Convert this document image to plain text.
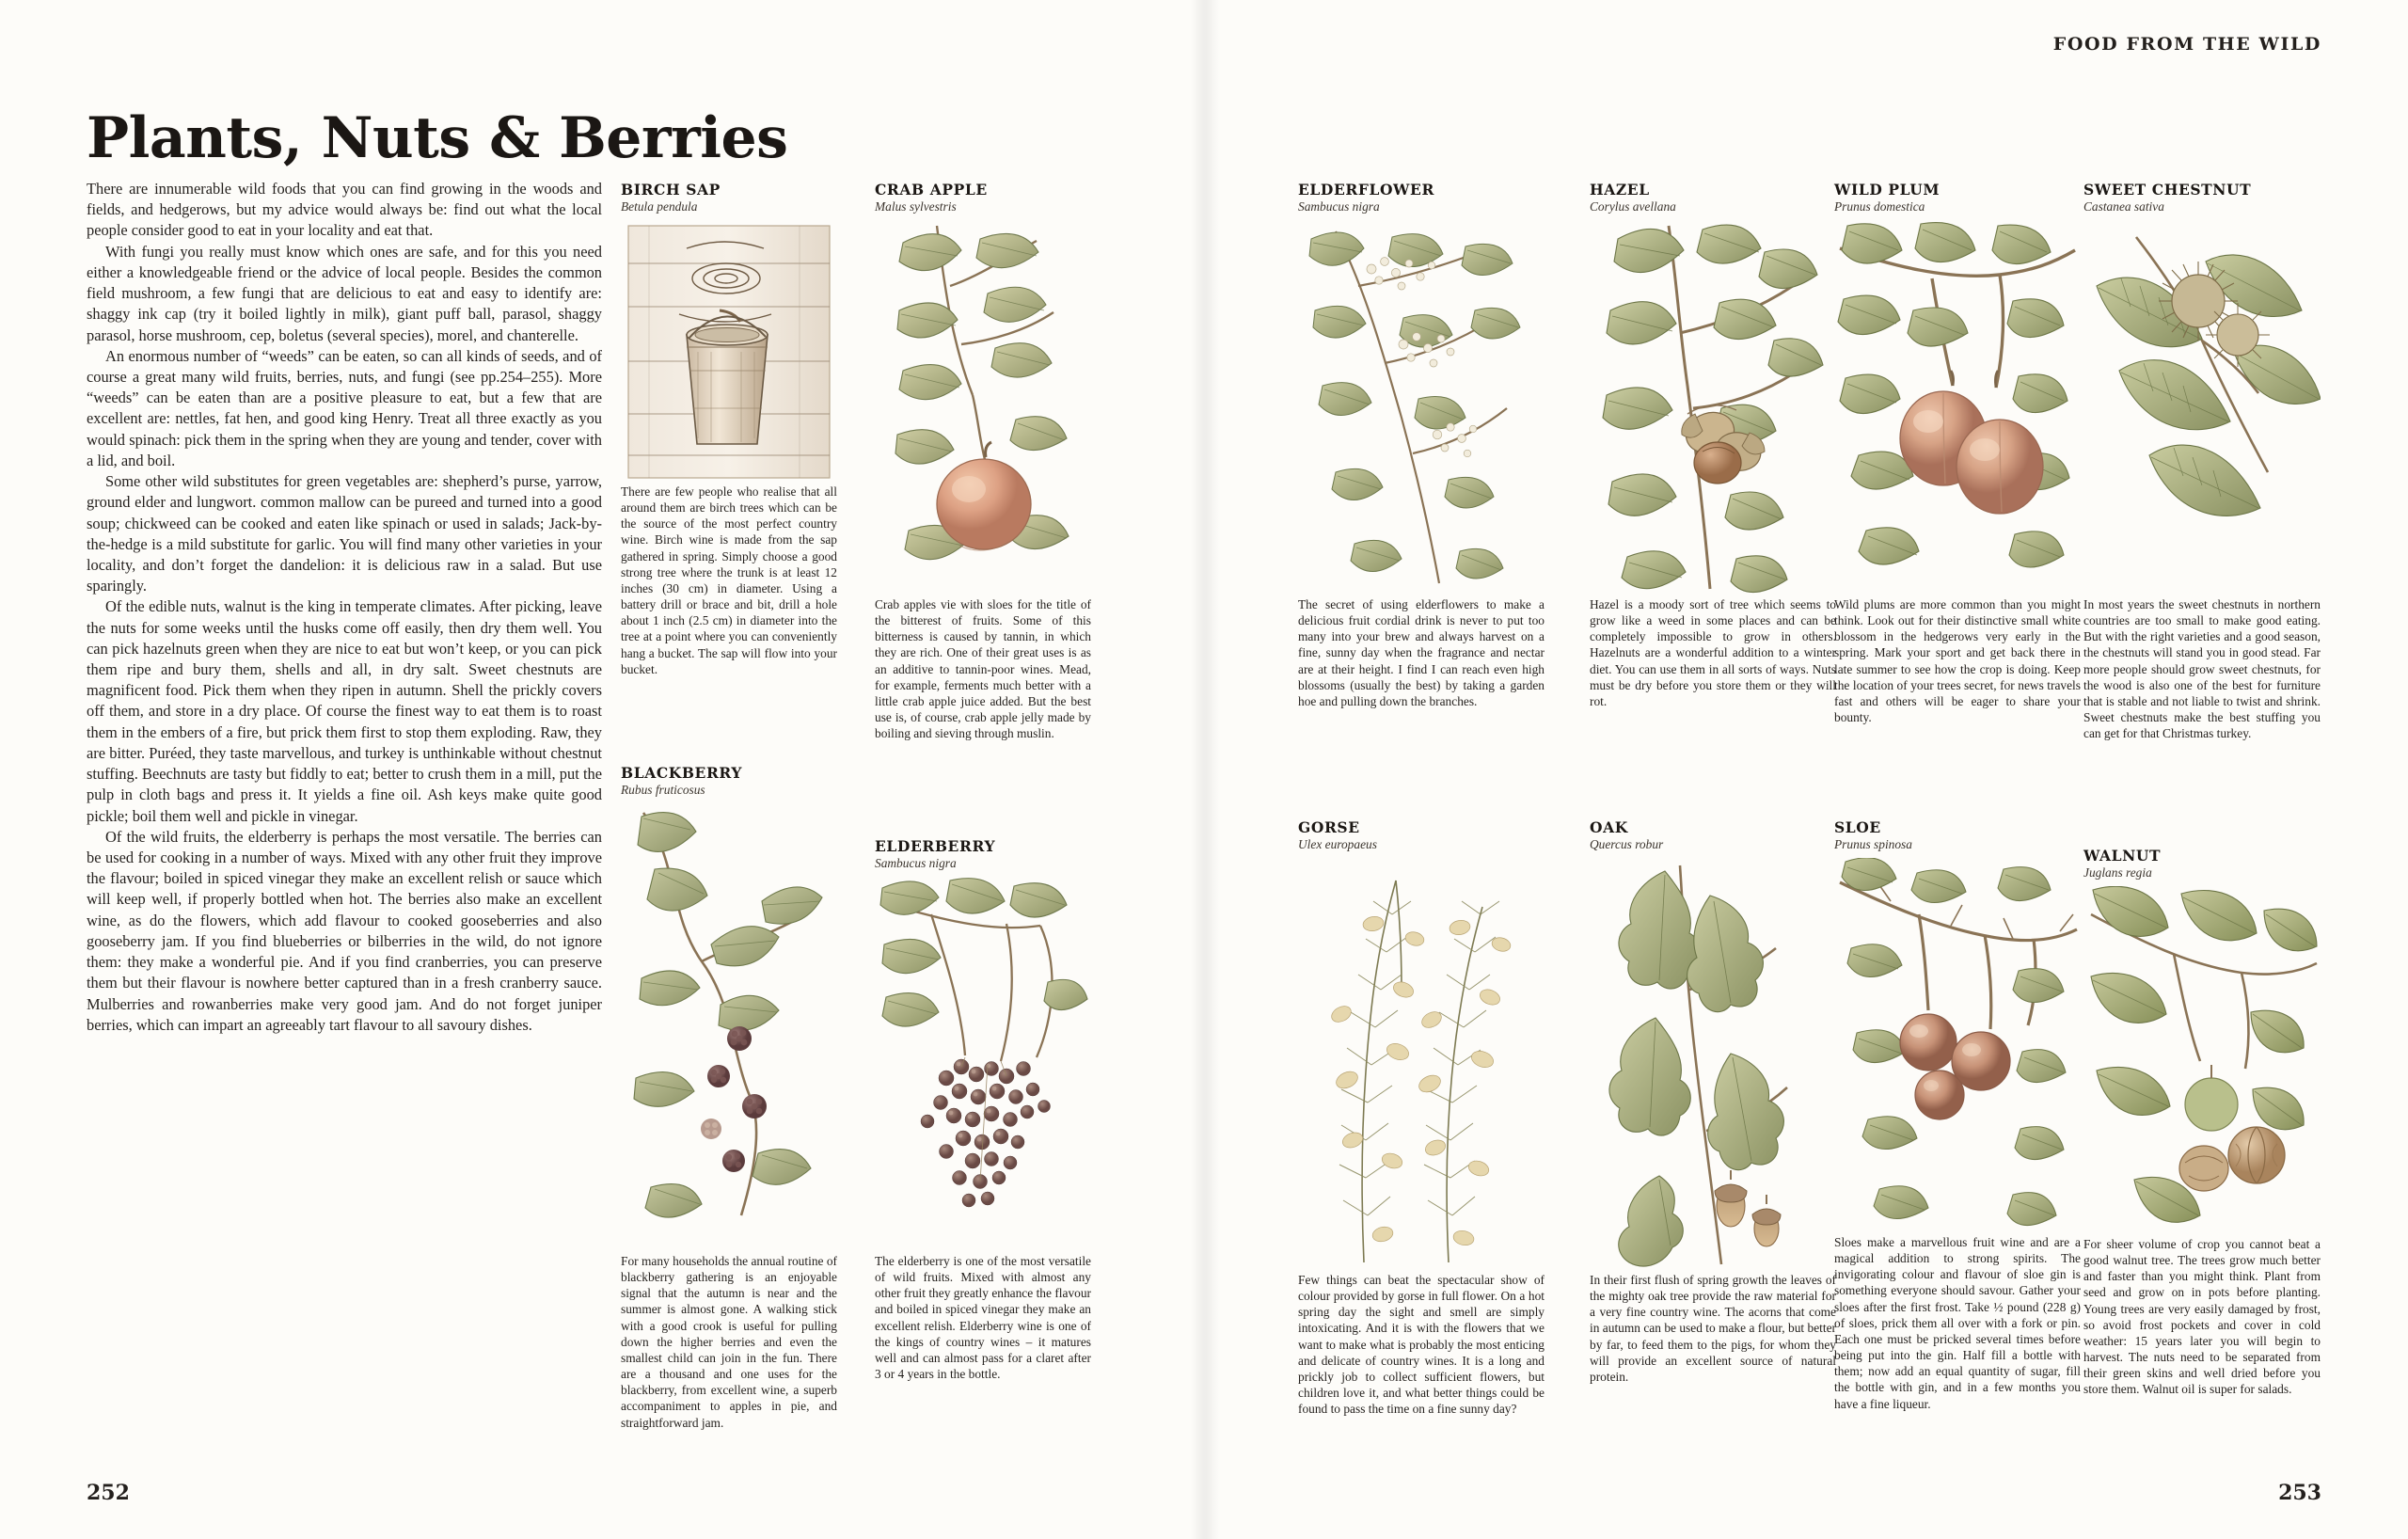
FOOD FROM THE WILD
Plants, Nuts & Berries

There are innumerable wild foods that you can find growing in the woods and fields, and hedgerows, but my advice would always be: find out what the local people consider good to eat in your locality and eat that.

With fungi you really must know which ones are safe, and for this you need either a knowledgeable friend or the advice of local people. Besides the common field mushroom, a few fungi that are delicious to eat and easy to identify are: shaggy ink cap (try it boiled lightly in milk), giant puff ball, parasol, shaggy parasol, horse mushroom, cep, boletus (several species), morel, and chanterelle.

An enormous number of “weeds” can be eaten, so can all kinds of seeds, and of course a great many wild fruits, berries, nuts, and fungi (see pp.254–255). More “weeds” can be eaten than are a positive pleasure to eat, but a few that are excellent are: nettles, fat hen, and good king Henry. Treat all three exactly as you would spinach: pick them in the spring when they are young and tender, cover with a lid, and boil.

Some other wild substitutes for green vegetables are: shepherd’s purse, yarrow, ground elder and lungwort. common mallow can be pureed and turned into a good soup; chickweed can be cooked and eaten like spinach or used in salads; Jack-by-the-hedge is a mild substitute for garlic. You will find many other varieties in your locality, and don’t forget the dandelion: it is delicious raw in a salad. But use sparingly.

Of the edible nuts, walnut is the king in temperate climates. After picking, leave the nuts for some weeks until the husks come off easily, then dry them well. You can pick hazelnuts green when they are nice to eat but won’t keep, or you can pick them ripe and bury them, shells and all, in dry salt. Sweet chestnuts are magnificent food. Pick them when they ripen in autumn. Shell the prickly covers off them, and store in a dry place. Of course the finest way to eat them is to roast them in the embers of a fire, but prick them first to stop them exploding. Raw, they are bitter. Puréed, they taste marvellous, and turkey is unthinkable without chestnut stuffing. Beechnuts are tasty but fiddly to eat; better to crush them in a mill, put the pulp in cloth bags and press it. It yields a fine oil. Ash keys make quite good pickle; boil them well and pickle in vinegar.

Of the wild fruits, the elderberry is perhaps the most versatile. The berries can be used for cooking in a number of ways. Mixed with any other fruit they improve the flavour; boiled in spiced vinegar they make an excellent relish or sauce which will keep well, if properly bottled when hot. The berries also make an excellent wine, as do the flowers, which add flavour to cooked gooseberries and also gooseberry jam. If you find blueberries or bilberries in the wild, do not ignore them: they make a wonderful pie. And if you find cranberries, you can preserve them but their flavour is nowhere better captured than in a fresh cranberry sauce. Mulberries and rowanberries make very good jam. And do not forget juniper berries, which can impart an agreeably tart flavour to all savoury dishes.

BIRCH SAP
Betula pendula

There are few people who realise that all around them are birch trees which can be the source of the most perfect country wine. Birch wine is made from the sap gathered in spring. Simply choose a good strong tree where the trunk is at least 12 inches (30 cm) in diameter. Using a battery drill or brace and bit, drill a hole about 1 inch (2.5 cm) in diameter into the tree at a point where you can conveniently hang a bucket. The sap will flow into your bucket.

BLACKBERRY
Rubus fruticosus

For many households the annual routine of blackberry gathering is an enjoyable signal that the autumn is near and the summer is almost gone. A walking stick with a good crook is useful for pulling down the higher berries and even the smallest child can join in the fun. There are a thousand and one uses for the blackberry, from excellent wine, a superb accompaniment to apples in pie, and straightforward jam.

CRAB APPLE
Malus sylvestris

Crab apples vie with sloes for the title of the bitterest of fruits. Some of this bitterness is caused by tannin, in which they are rich. One of their great uses is as an additive to tannin-poor wines. Mead, for example, ferments much better with a little crab apple juice added. But the best use is, of course, crab apple jelly made by boiling and sieving through muslin.

ELDERBERRY
Sambucus nigra

The elderberry is one of the most versatile of wild fruits. Mixed with almost any other fruit they greatly enhance the flavour and boiled in spiced vinegar they make an excellent relish. Elderberry wine is one of the kings of country wines – it matures well and can almost pass for a claret after 3 or 4 years in the bottle.

ELDERFLOWER
Sambucus nigra

The secret of using elderflowers to make a delicious fruit cordial drink is never to put too many into your brew and always harvest on a fine, sunny day when the fragrance and nectar are at their height. I find I can reach even high blossoms (usually the best) by taking a garden hoe and pulling down the branches.

HAZEL
Corylus avellana

Hazel is a moody sort of tree which seems to grow like a weed in some places and can be completely impossible to grow in others. Hazelnuts are a wonderful addition to a winter diet. You can use them in all sorts of ways. Nuts must be dry before you store them or they will rot.

WILD PLUM
Prunus domestica

Wild plums are more common than you might think. Look out for their distinctive small white blossom in the hedgerows very early in the spring. Mark your sport and get back there in late summer to see how the crop is doing. Keep the location of your trees secret, for news travels fast and others will be eager to share your bounty.

SWEET CHESTNUT
Castanea sativa

In most years the sweet chestnuts in northern countries are too small to make good eating. But with the right varieties and a good season, the chestnuts will stand you in good stead. Far more people should grow sweet chestnuts, for the wood is also one of the best for furniture that is stable and not liable to twist and shrink. Sweet chestnuts make the best stuffing you can get for that Christmas turkey.

GORSE
Ulex europaeus

Few things can beat the spectacular show of colour provided by gorse in full flower. On a hot spring day the sight and smell are simply intoxicating. And it is with the flowers that we want to make what is probably the most enticing and delicate of country wines. It is a long and prickly job to collect sufficient flowers, but children love it, and what better things could be found to pass the time on a fine sunny day?

OAK
Quercus robur

In their first flush of spring growth the leaves of the mighty oak tree provide the raw material for a very fine country wine. The acorns that come in autumn can be used to make a flour, but better by far, to feed them to the pigs, for whom they will provide an excellent source of natural protein.

SLOE
Prunus spinosa

Sloes make a marvellous fruit wine and are a magical addition to strong spirits. The invigorating colour and flavour of sloe gin is something everyone should savour. Gather your sloes after the first frost. Take ½ pound (228 g) of sloes, prick them all over with a fork or pin. Each one must be pricked several times before being put into the gin. Half fill a bottle with them; now add an equal quantity of sugar, fill the bottle with gin, and in a few months you have a fine liqueur.

WALNUT
Juglans regia

For sheer volume of crop you cannot beat a good walnut tree. The trees grow much better and faster than you might think. Plant from seed and grow on in pots before planting. Young trees are very easily damaged by frost, so avoid frost pockets and cover in cold weather: 15 years later you will begin to harvest. The nuts need to be separated from their green skins and well dried before you store them. Walnut oil is super for salads.

252	253
